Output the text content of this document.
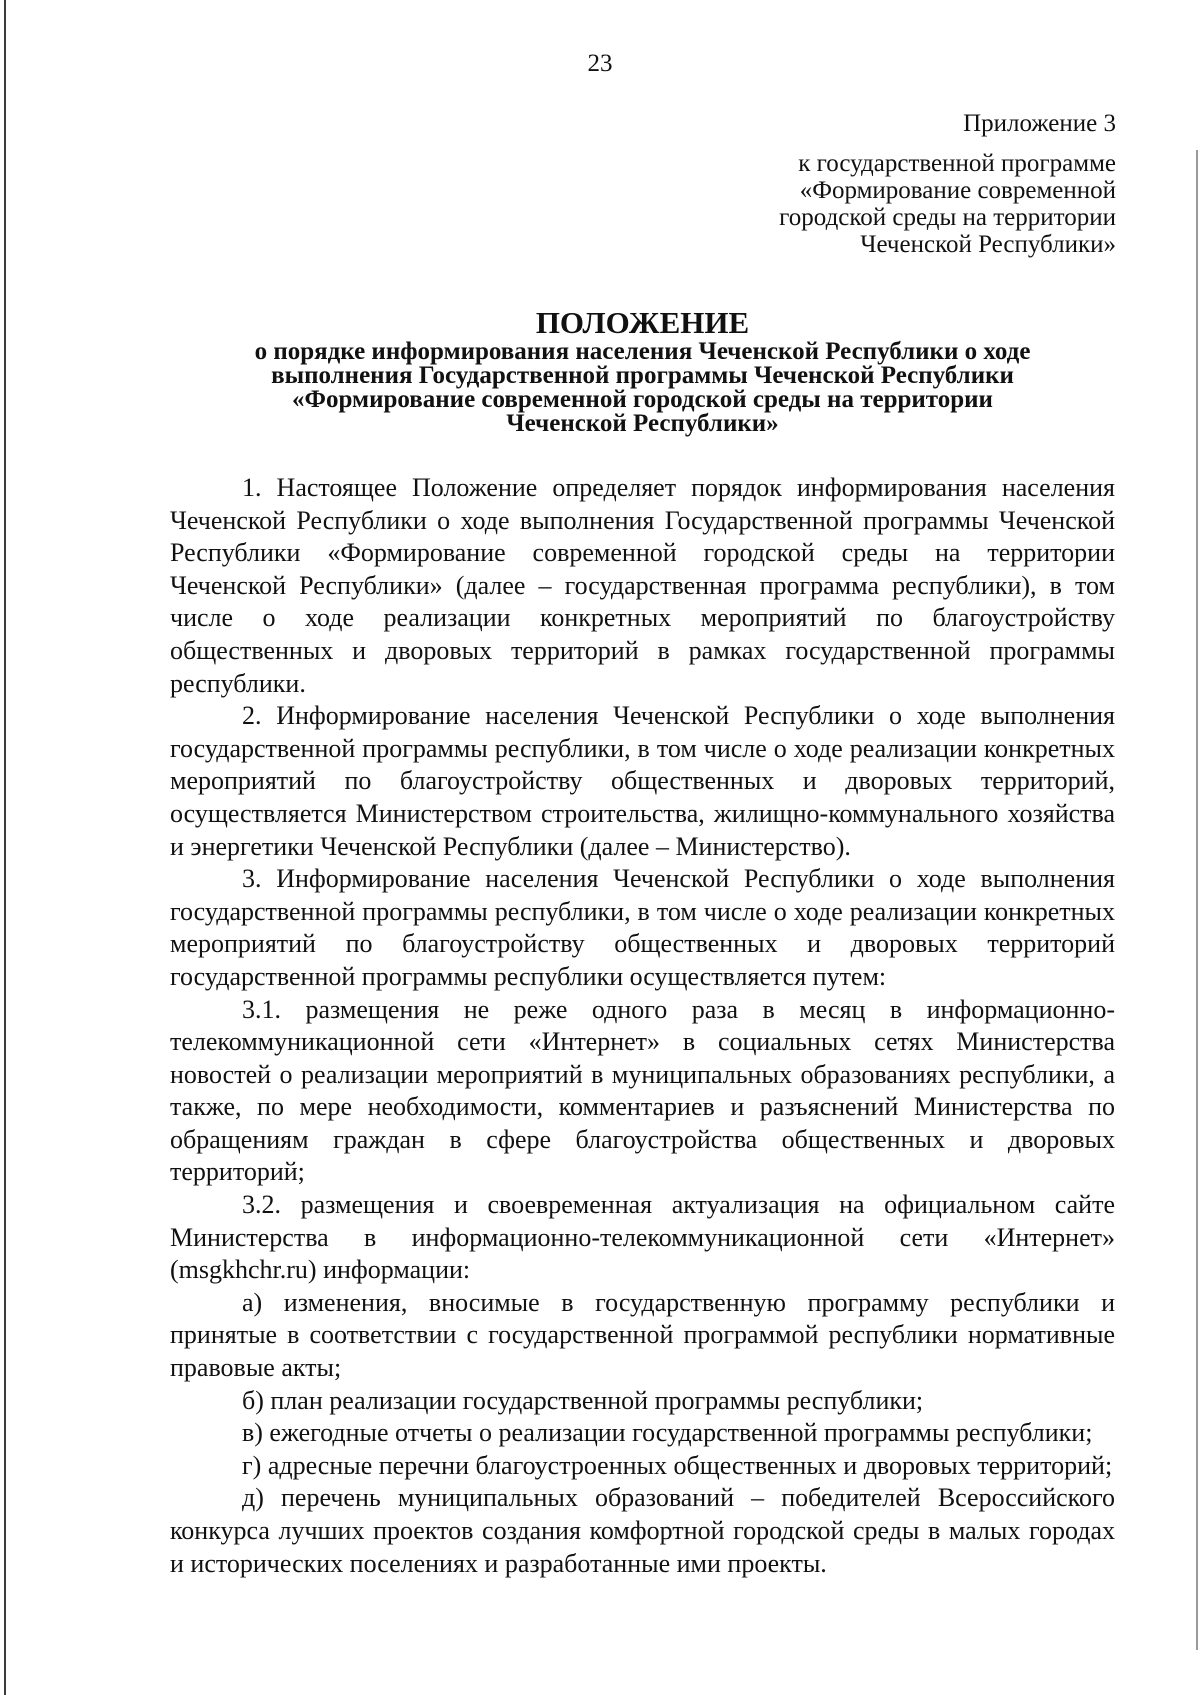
23
Приложение 3
к государственной программе
«Формирование современной
городской среды на территории
Чеченской Республики»
ПОЛОЖЕНИЕ
о порядке информирования населения Чеченской Республики о ходе
выполнения Государственной программы Чеченской Республики
«Формирование современной городской среды на территории
Чеченской Республики»

1. Настоящее Положение определяет порядок информирования населения Чеченской Республики о ходе выполнения Государственной программы Чеченской Республики «Формирование современной городской среды на территории Чеченской Республики» (далее – государственная программа республики), в том числе о ходе реализации конкретных мероприятий по благоустройству общественных и дворовых территорий в рамках государственной программы республики.

2. Информирование населения Чеченской Республики о ходе выполнения государственной программы республики, в том числе о ходе реализации конкретных мероприятий по благоустройству общественных и дворовых территорий, осуществляется Министерством строительства, жилищно-коммунального хозяйства и энергетики Чеченской Республики (далее – Министерство).

3. Информирование населения Чеченской Республики о ходе выполнения государственной программы республики, в том числе о ходе реализации конкретных мероприятий по благоустройству общественных и дворовых территорий государственной программы республики осуществляется путем:

3.1. размещения не реже одного раза в месяц в информационно-телекоммуникационной сети «Интернет» в социальных сетях Министерства новостей о реализации мероприятий в муниципальных образованиях республики, а также, по мере необходимости, комментариев и разъяснений Министерства по обращениям граждан в сфере благоустройства общественных и дворовых территорий;

3.2. размещения и своевременная актуализация на официальном сайте Министерства в информационно-телекоммуникационной сети «Интернет» (msgkhchr.ru) информации:

а) изменения, вносимые в государственную программу республики и принятые в соответствии с государственной программой республики нормативные правовые акты;

б) план реализации государственной программы республики;

в) ежегодные отчеты о реализации государственной программы республики;

г) адресные перечни благоустроенных общественных и дворовых территорий;

д) перечень муниципальных образований – победителей Всероссийского конкурса лучших проектов создания комфортной городской среды в малых городах и исторических поселениях и разработанные ими проекты.
